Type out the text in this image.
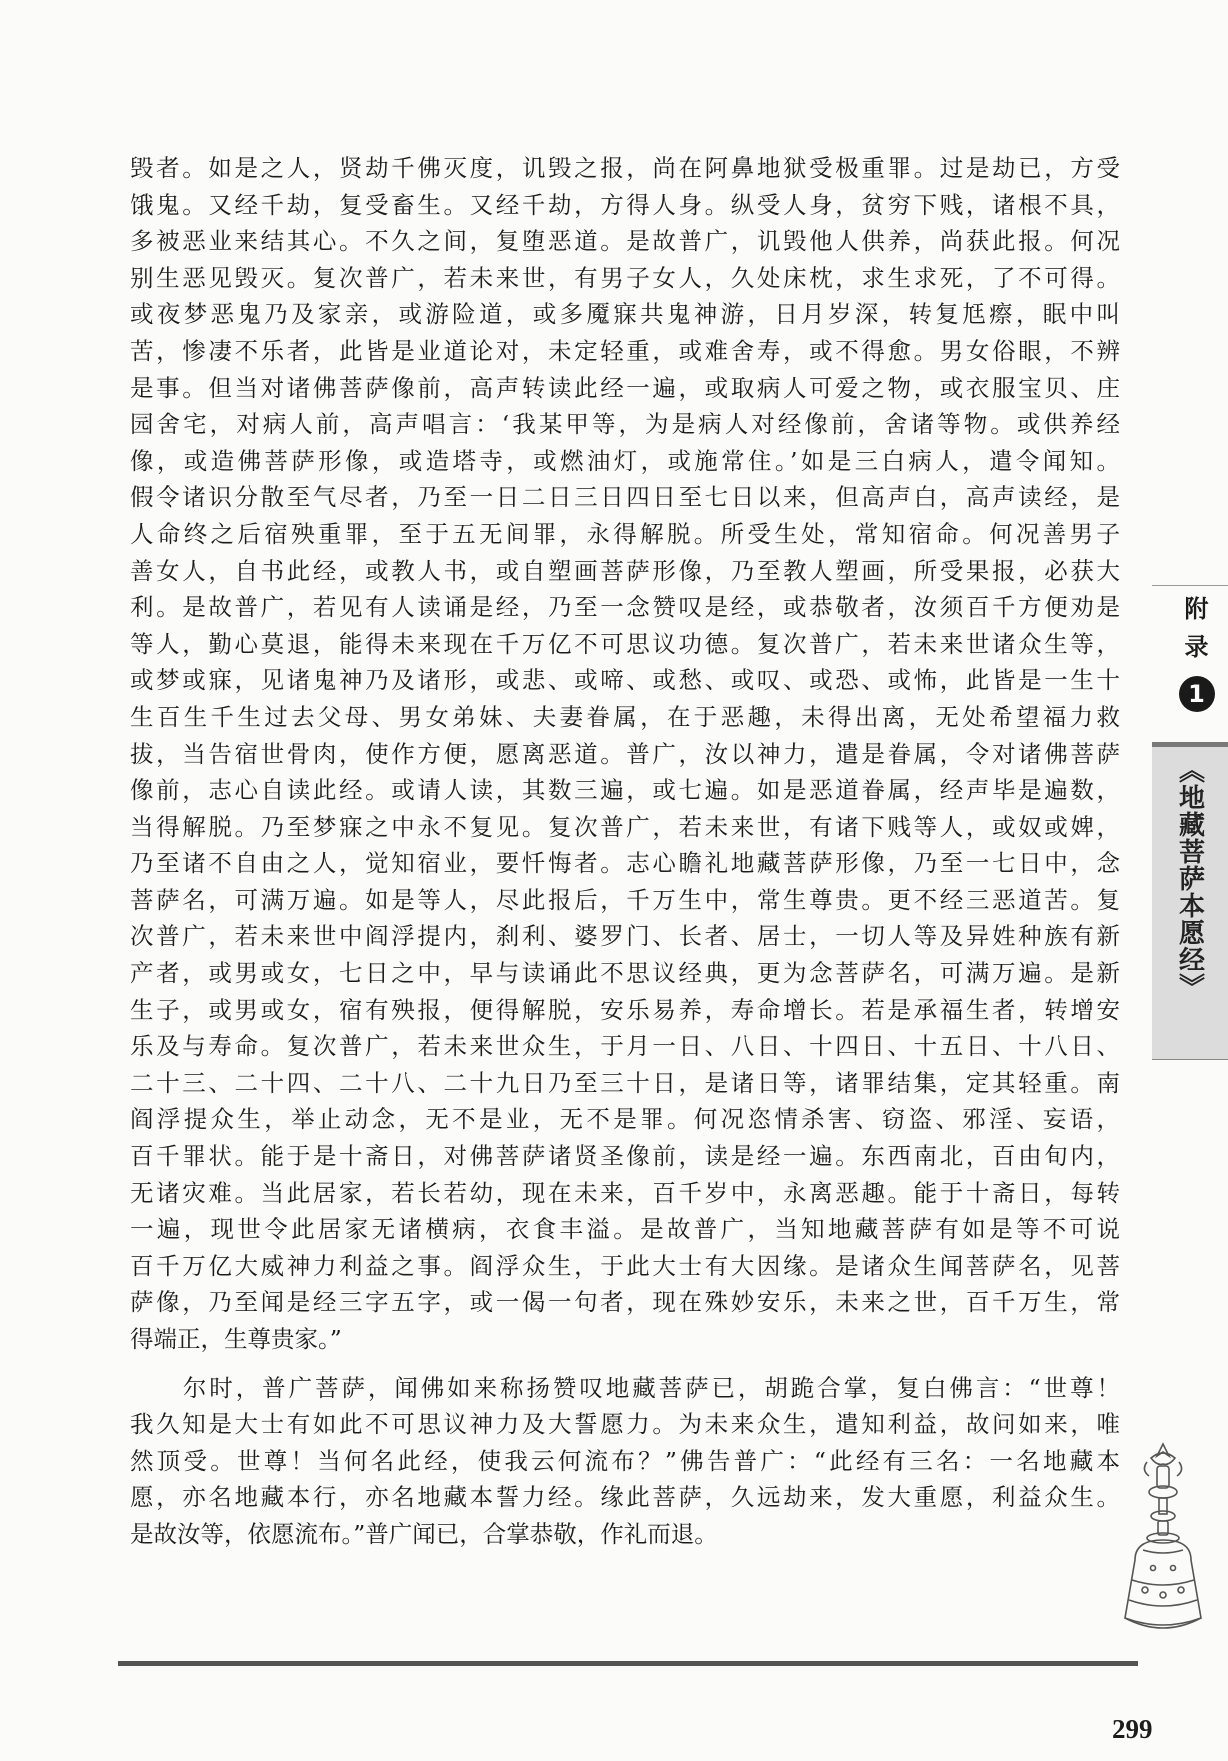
毁者。如是之人，贤劫千佛灭度，讥毁之报，尚在阿鼻地狱受极重罪。过是劫已，方受
饿鬼。又经千劫，复受畜生。又经千劫，方得人身。纵受人身，贫穷下贱，诸根不具，
多被恶业来结其心。不久之间，复堕恶道。是故普广，讥毁他人供养，尚获此报。何况
别生恶见毁灭。复次普广，若未来世，有男子女人，久处床枕，求生求死，了不可得。
或夜梦恶鬼乃及家亲，或游险道，或多魇寐共鬼神游，日月岁深，转复尪瘵，眠中叫
苦，惨凄不乐者，此皆是业道论对，未定轻重，或难舍寿，或不得愈。男女俗眼，不辨
是事。但当对诸佛菩萨像前，高声转读此经一遍，或取病人可爱之物，或衣服宝贝、庄
园舍宅，对病人前，高声唱言：‘我某甲等，为是病人对经像前，舍诸等物。或供养经
像，或造佛菩萨形像，或造塔寺，或燃油灯，或施常住。’如是三白病人，遣令闻知。
假令诸识分散至气尽者，乃至一日二日三日四日至七日以来，但高声白，高声读经，是
人命终之后宿殃重罪，至于五无间罪，永得解脱。所受生处，常知宿命。何况善男子
善女人，自书此经，或教人书，或自塑画菩萨形像，乃至教人塑画，所受果报，必获大
利。是故普广，若见有人读诵是经，乃至一念赞叹是经，或恭敬者，汝须百千方便劝是
等人，勤心莫退，能得未来现在千万亿不可思议功德。复次普广，若未来世诸众生等，
或梦或寐，见诸鬼神乃及诸形，或悲、或啼、或愁、或叹、或恐、或怖，此皆是一生十
生百生千生过去父母、男女弟妹、夫妻眷属，在于恶趣，未得出离，无处希望福力救
拔，当告宿世骨肉，使作方便，愿离恶道。普广，汝以神力，遣是眷属，令对诸佛菩萨
像前，志心自读此经。或请人读，其数三遍，或七遍。如是恶道眷属，经声毕是遍数，
当得解脱。乃至梦寐之中永不复见。复次普广，若未来世，有诸下贱等人，或奴或婢，
乃至诸不自由之人，觉知宿业，要忏悔者。志心瞻礼地藏菩萨形像，乃至一七日中，念
菩萨名，可满万遍。如是等人，尽此报后，千万生中，常生尊贵。更不经三恶道苦。复
次普广，若未来世中阎浮提内，刹利、婆罗门、长者、居士，一切人等及异姓种族有新
产者，或男或女，七日之中，早与读诵此不思议经典，更为念菩萨名，可满万遍。是新
生子，或男或女，宿有殃报，便得解脱，安乐易养，寿命增长。若是承福生者，转增安
乐及与寿命。复次普广，若未来世众生，于月一日、八日、十四日、十五日、十八日、
二十三、二十四、二十八、二十九日乃至三十日，是诸日等，诸罪结集，定其轻重。南
阎浮提众生，举止动念，无不是业，无不是罪。何况恣情杀害、窃盗、邪淫、妄语，
百千罪状。能于是十斋日，对佛菩萨诸贤圣像前，读是经一遍。东西南北，百由旬内，
无诸灾难。当此居家，若长若幼，现在未来，百千岁中，永离恶趣。能于十斋日，每转
一遍，现世令此居家无诸横病，衣食丰溢。是故普广，当知地藏菩萨有如是等不可说
百千万亿大威神力利益之事。阎浮众生，于此大士有大因缘。是诸众生闻菩萨名，见菩
萨像，乃至闻是经三字五字，或一偈一句者，现在殊妙安乐，未来之世，百千万生，常
得端正，生尊贵家。”
　　尔时，普广菩萨，闻佛如来称扬赞叹地藏菩萨已，胡跪合掌，复白佛言：“世尊！
我久知是大士有如此不可思议神力及大誓愿力。为未来众生，遣知利益，故问如来，唯
然顶受。世尊！当何名此经，使我云何流布？”佛告普广：“此经有三名：一名地藏本
愿，亦名地藏本行，亦名地藏本誓力经。缘此菩萨，久远劫来，发大重愿，利益众生。
是故汝等，依愿流布。”普广闻已，合掌恭敬，作礼而退。
附
录
1
《地藏菩萨本愿经》
299
